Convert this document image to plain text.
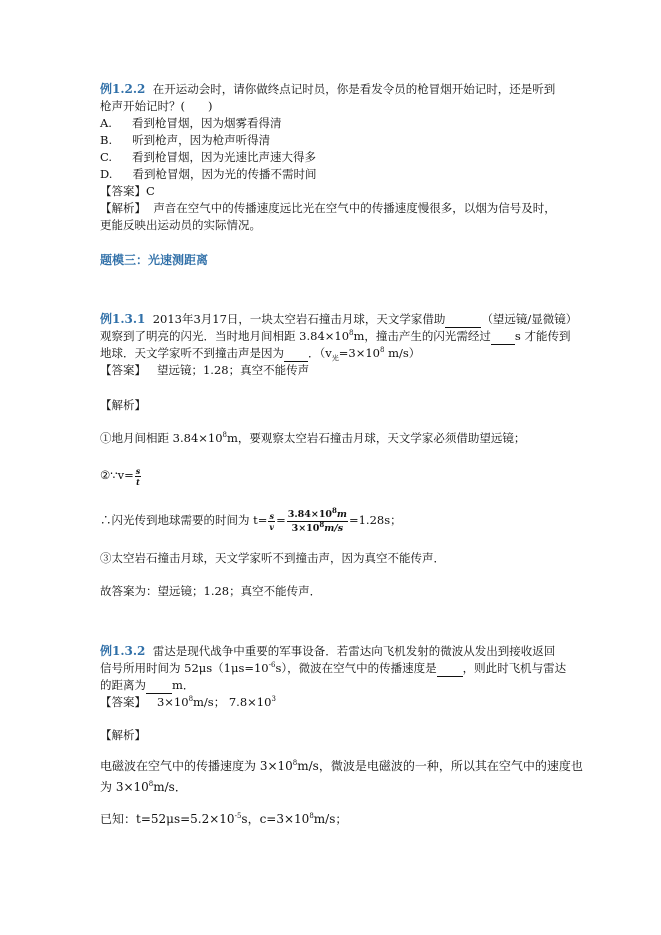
例1.2.2 在开运动会时，请你做终点记时员，你是看发令员的枪冒烟开始记时，还是听到
枪声开始记时？(　　)
A. 看到枪冒烟，因为烟雾看得清
B. 听到枪声，因为枪声听得清
C. 看到枪冒烟，因为光速比声速大得多
D. 看到枪冒烟，因为光的传播不需时间
【答案】C
【解析】 声音在空气中的传播速度远比光在空气中的传播速度慢很多，以烟为信号及时，
更能反映出运动员的实际情况。
题模三：光速测距离
例1.3.1 2013年3月17日，一块太空岩石撞击月球，天文学家借助	（望远镜/显微镜）
观察到了明亮的闪光．当时地月间相距 $3.84\times 10^8m$，撞击产生的闪光需经过 s 才能传到
地球．天文学家听不到撞击声是因为 ．（$v_光=3\times 10^8$ m/s）
【答案】 望远镜；1.28；真空不能传声
【解析】
①地月间相距 $3.84\times 10^8m$，要观察太空岩石撞击月球，天文学家必须借助望远镜；
②∵v= $\frac{s}{t}$
∴闪光传到地球需要的时间为 $t= \frac{s}{v} = \frac{3.84\times 10^8m}{3\times 10^8m/s} =1.28s$；
③太空岩石撞击月球，天文学家听不到撞击声，因为真空不能传声．
故答案为：望远镜；1.28；真空不能传声．
例1.3.2 雷达是现代战争中重要的军事设备．若雷达向飞机发射的微波从发出到接收返回
信号所用时间为 $52\mu s(1\mu s=10^{-6}s)$，微波在空气中的传播速度是 ，则此时飞机与雷达
的距离为 m．
【答案】 $3\times 10^8m/s$； $7.8\times 10^3$
【解析】
电磁波在空气中的传播速度为 $3\times 10^8m/s$，微波是电磁波的一种，所以其在空气中的速度也
为 $3\times 10^8m/s$．
已知：$t=52\mu s=5.2\times 10^{-5}s$，$c=3\times 10^8m/s$；
